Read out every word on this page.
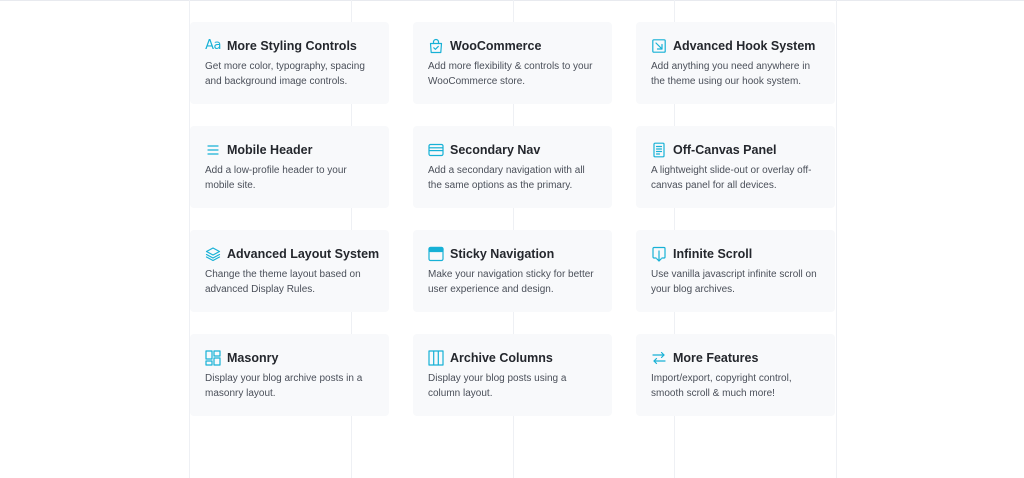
Aa More Styling Controls

Get more color, typography, spacing and background image controls.

WooCommerce

Add more flexibility & controls to your WooCommerce store.

Advanced Hook System

Add anything you need anywhere in the theme using our hook system.

Mobile Header

Add a low-profile header to your mobile site.

Secondary Nav

Add a secondary navigation with all the same options as the primary.

Off-Canvas Panel

A lightweight slide-out or overlay off-canvas panel for all devices.

Advanced Layout System

Change the theme layout based on advanced Display Rules.

Sticky Navigation

Make your navigation sticky for better user experience and design.

Infinite Scroll

Use vanilla javascript infinite scroll on your blog archives.

Masonry

Display your blog archive posts in a masonry layout.

Archive Columns

Display your blog posts using a column layout.

More Features

Import/export, copyright control, smooth scroll & much more!
